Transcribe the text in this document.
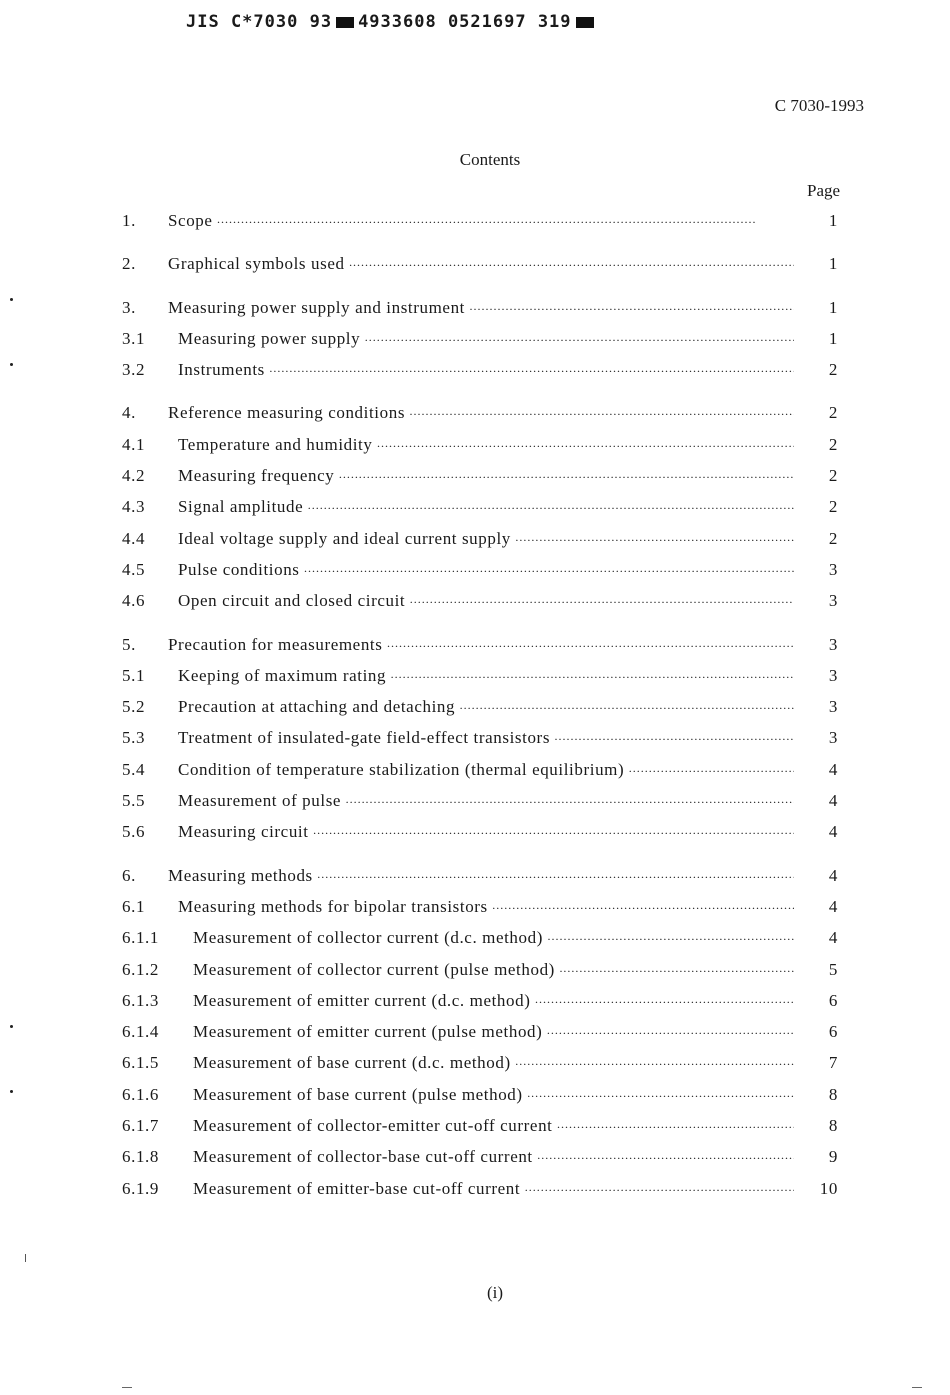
JIS C*7030 93 4933608 0521697 319
C 7030-1993
Contents
Page
1.	Scope ·····	1
2.	Graphical symbols used ·····	1
3.	Measuring power supply and instrument ·····	1
3.1	Measuring power supply ·····	1
3.2	Instruments ·····	2
4.	Reference measuring conditions ·····	2
4.1	Temperature and humidity ·····	2
4.2	Measuring frequency ·····	2
4.3	Signal amplitude ·····	2
4.4	Ideal voltage supply and ideal current supply ·····	2
4.5	Pulse conditions ·····	3
4.6	Open circuit and closed circuit ·····	3
5.	Precaution for measurements ·····	3
5.1	Keeping of maximum rating ·····	3
5.2	Precaution at attaching and detaching ·····	3
5.3	Treatment of insulated-gate field-effect transistors ·····	3
5.4	Condition of temperature stabilization (thermal equilibrium) ·····	4
5.5	Measurement of pulse ·····	4
5.6	Measuring circuit ·····	4
6.	Measuring methods ·····	4
6.1	Measuring methods for bipolar transistors ·····	4
6.1.1	Measurement of collector current (d.c. method) ·····	4
6.1.2	Measurement of collector current (pulse method) ·····	5
6.1.3	Measurement of emitter current (d.c. method) ·····	6
6.1.4	Measurement of emitter current (pulse method) ·····	6
6.1.5	Measurement of base current (d.c. method) ·····	7
6.1.6	Measurement of base current (pulse method) ·····	8
6.1.7	Measurement of collector-emitter cut-off current ·····	8
6.1.8	Measurement of collector-base cut-off current ·····	9
6.1.9	Measurement of emitter-base cut-off current ·····	10
(i)
